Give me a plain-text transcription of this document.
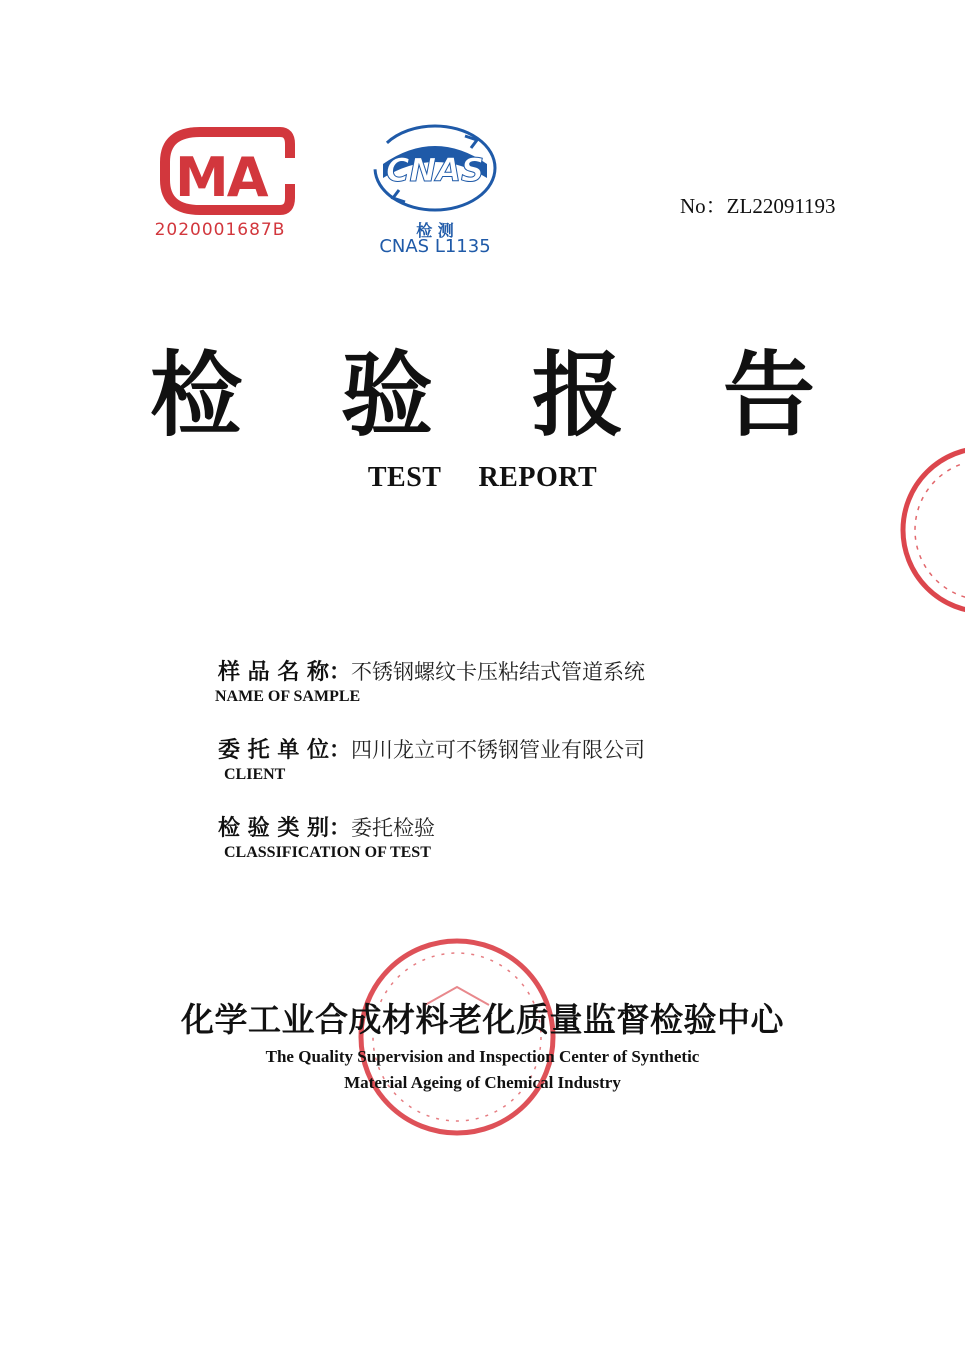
MA
2020001687B
CNAS
检 测
CNAS L1135
No：ZL22091193
检 验 报 告
TEST REPORT
样 品 名 称：不锈钢螺纹卡压粘结式管道系统
NAME OF SAMPLE
委 托 单 位：四川龙立可不锈钢管业有限公司
CLIENT
检 验 类 别：委托检验
CLASSIFICATION OF TEST
化学工业合成材料老化质量监督检验中心
The Quality Supervision and Inspection Center of Synthetic
Material Ageing of Chemical Industry
